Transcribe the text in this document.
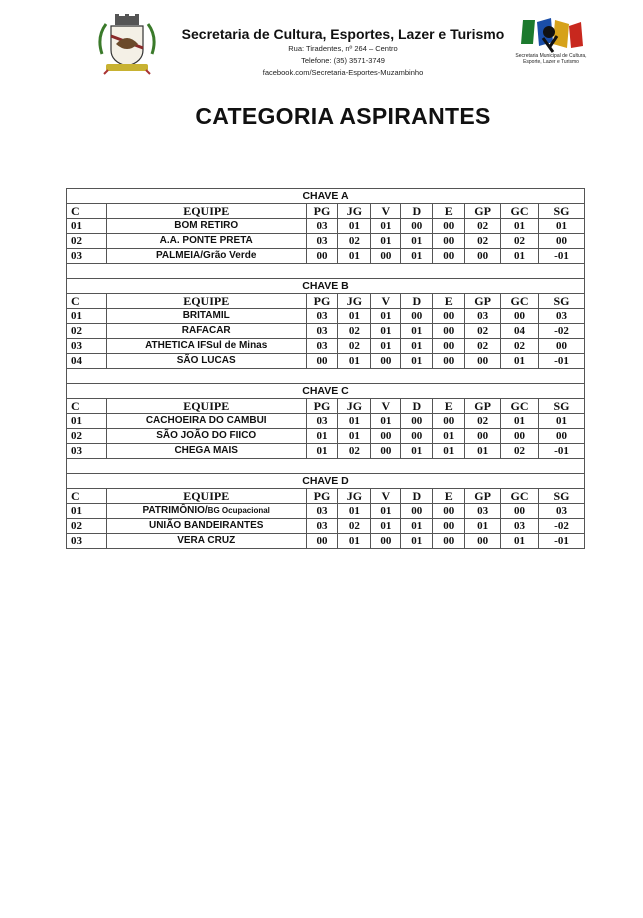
Secretaria de Cultura, Esportes, Lazer e Turismo
Rua: Tiradentes, nº 264 – Centro
Telefone: (35) 3571-3749
facebook.com/Secretaria-Esportes-Muzambinho
Secretaria Municipal de Cultura, Esporte, Lazer e Turismo
CATEGORIA ASPIRANTES
CHAVE A									
C	EQUIPE	PG	JG	V	D	E	GP	GC	SG
01	BOM RETIRO	03	01	01	00	00	02	01	01
02	A.A. PONTE PRETA	03	02	01	01	00	02	02	00
03	PALMEIA/Grão Verde	00	01	00	01	00	00	01	-01

CHAVE B									
C	EQUIPE	PG	JG	V	D	E	GP	GC	SG
01	BRITAMIL	03	01	01	00	00	03	00	03
02	RAFACAR	03	02	01	01	00	02	04	-02
03	ATHETICA IFSul de Minas	03	02	01	01	00	02	02	00
04	SÃO LUCAS	00	01	00	01	00	00	01	-01

CHAVE C									
C	EQUIPE	PG	JG	V	D	E	GP	GC	SG
01	CACHOEIRA DO CAMBUI	03	01	01	00	00	02	01	01
02	SÃO JOÃO DO FIICO	01	01	00	00	01	00	00	00
03	CHEGA MAIS	01	02	00	01	01	01	02	-01

CHAVE D									
C	EQUIPE	PG	JG	V	D	E	GP	GC	SG
01	PATRIMÔNIO/BG Ocupacional	03	01	01	00	00	03	00	03
02	UNIÃO BANDEIRANTES	03	02	01	01	00	01	03	-02
03	VERA CRUZ	00	01	00	01	00	00	01	-01
